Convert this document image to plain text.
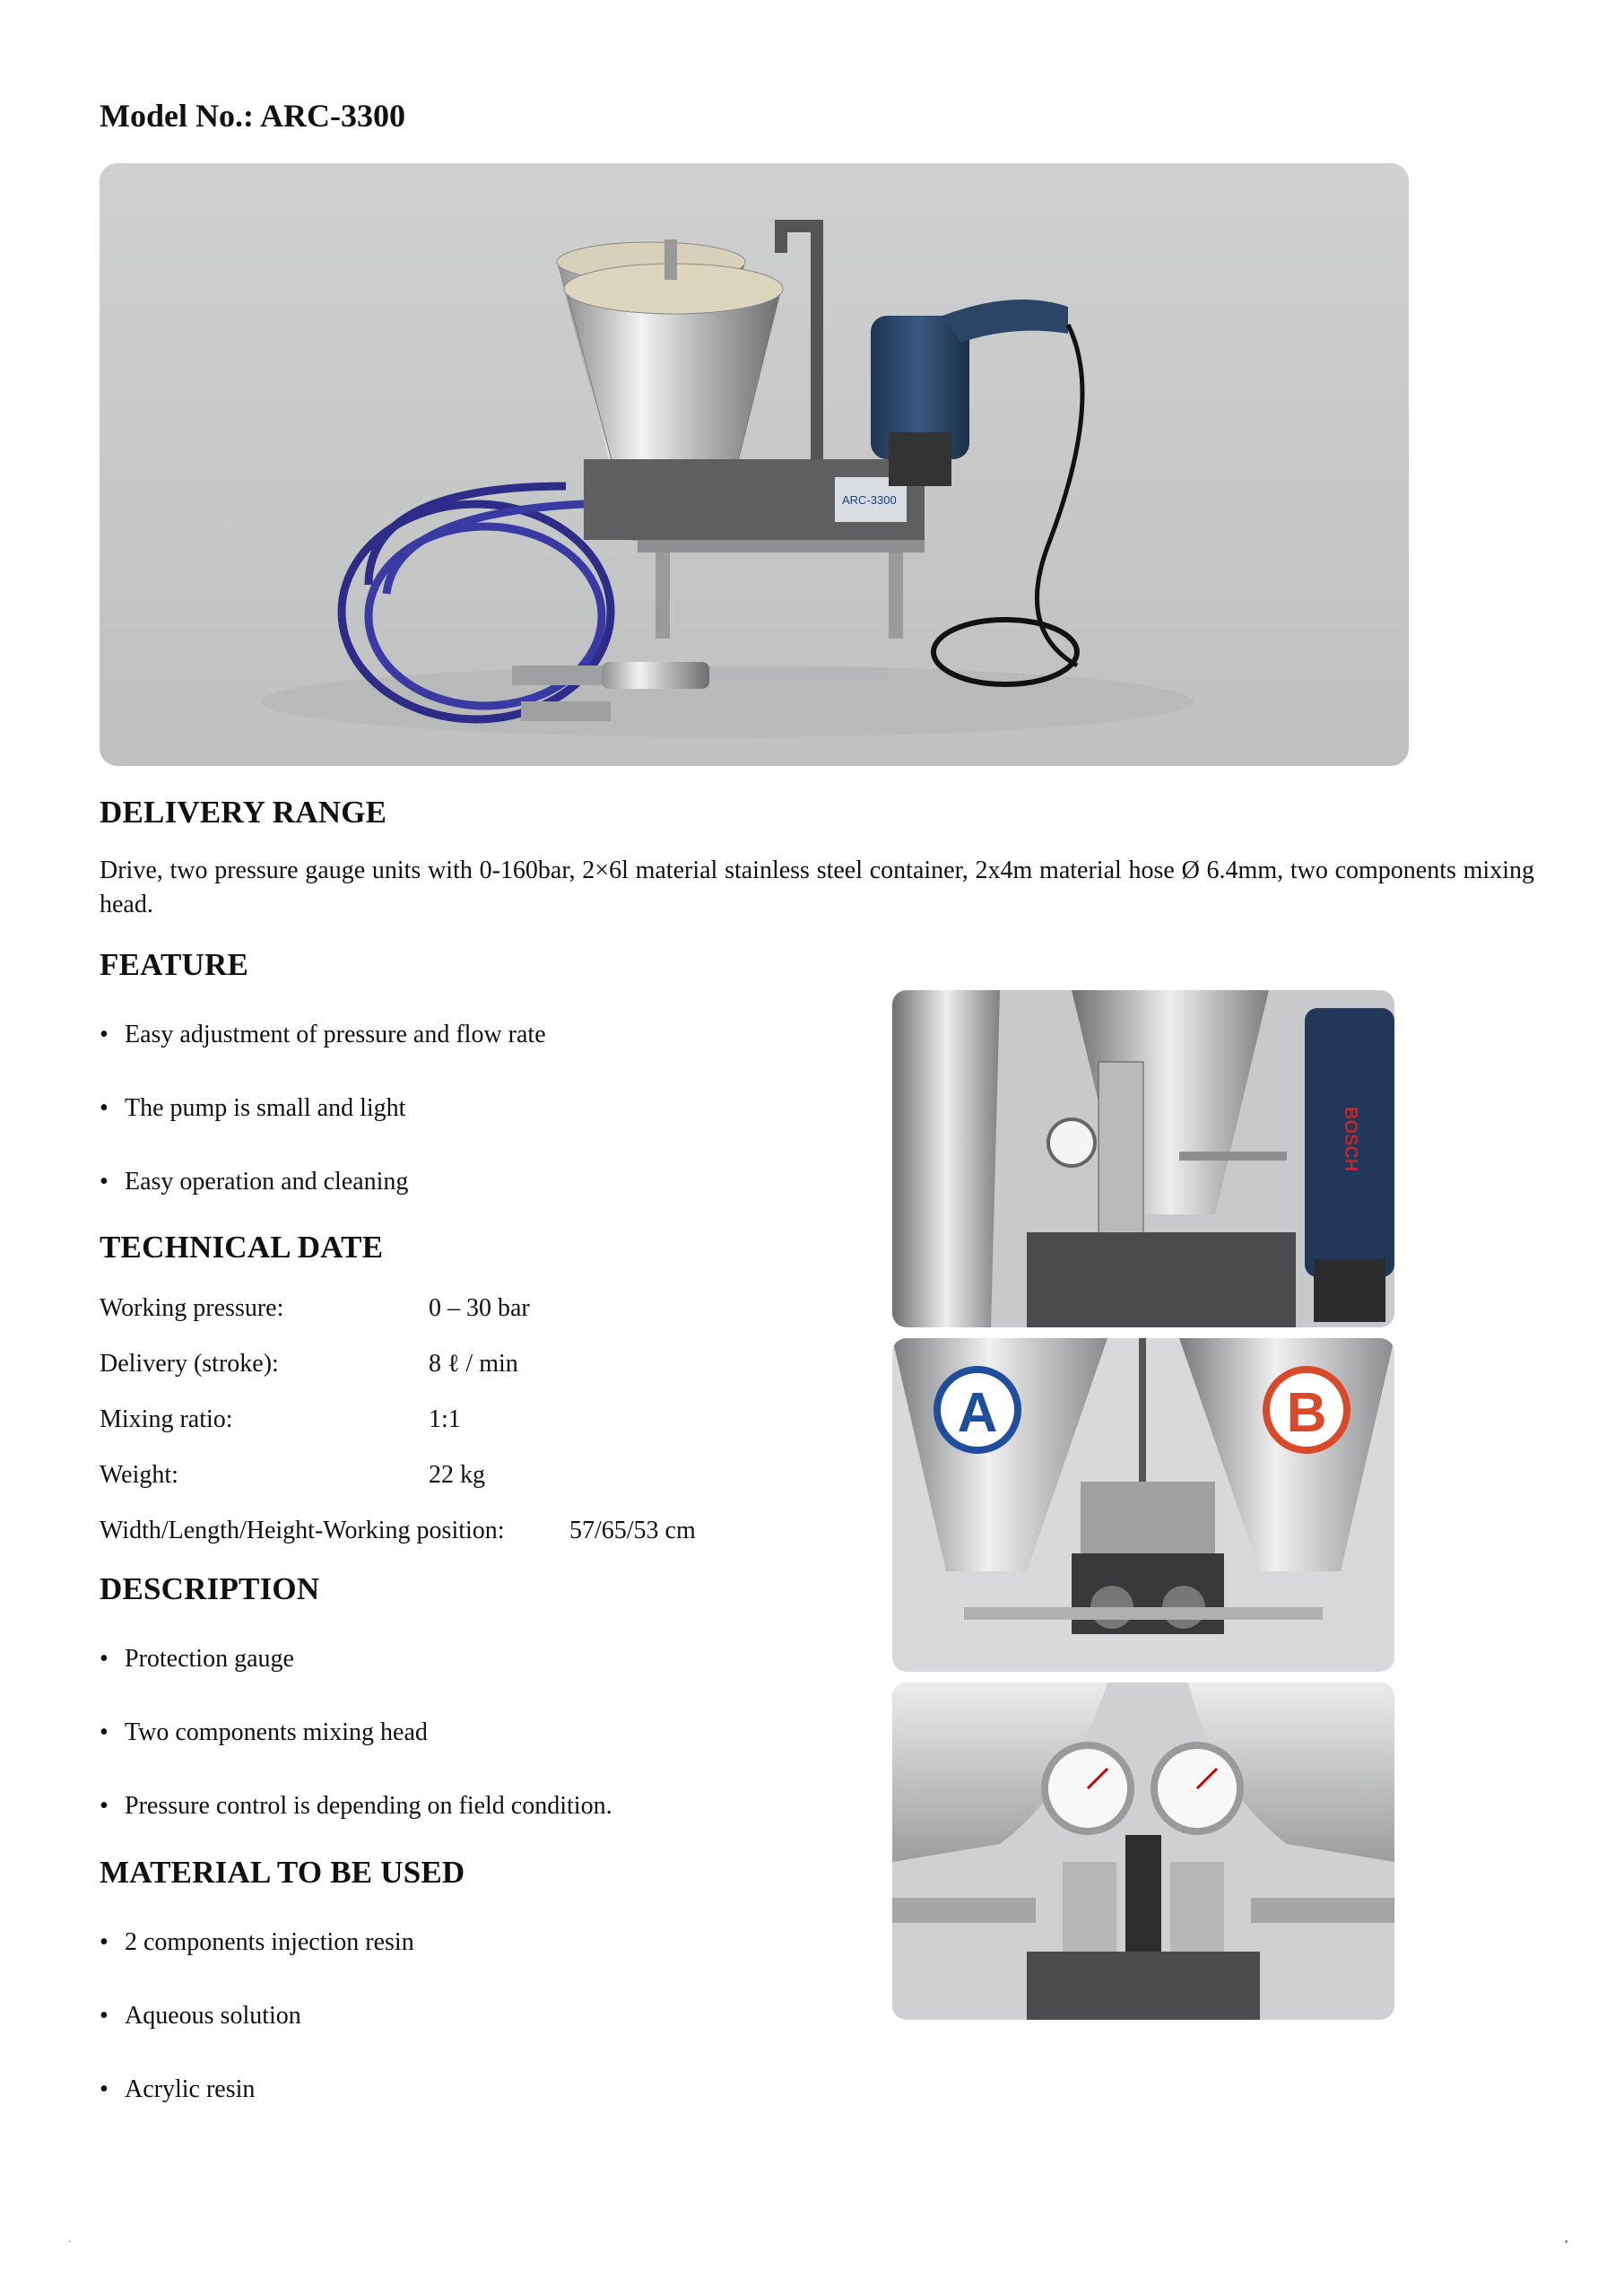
Model No.: ARC-3300
ARC-3300
DELIVERY RANGE
Drive, two pressure gauge units with 0-160bar, 2×6l material stainless steel container, 2x4m material hose Ø 6.4mm, two components mixing head.
FEATURE
• Easy adjustment of pressure and flow rate
• The pump is small and light
• Easy operation and cleaning
TECHNICAL DATE
Working pressure:	0 – 30 bar
Delivery (stroke):	8 ℓ / min
Mixing ratio:	1:1
Weight:	22 kg
Width/Length/Height-Working position:	57/65/53 cm
DESCRIPTION
• Protection gauge
• Two components mixing head
• Pressure control is depending on field condition.
MATERIAL TO BE USED
• 2 components injection resin
• Aqueous solution
• Acrylic resin
BOSCH
A	B
·	•
